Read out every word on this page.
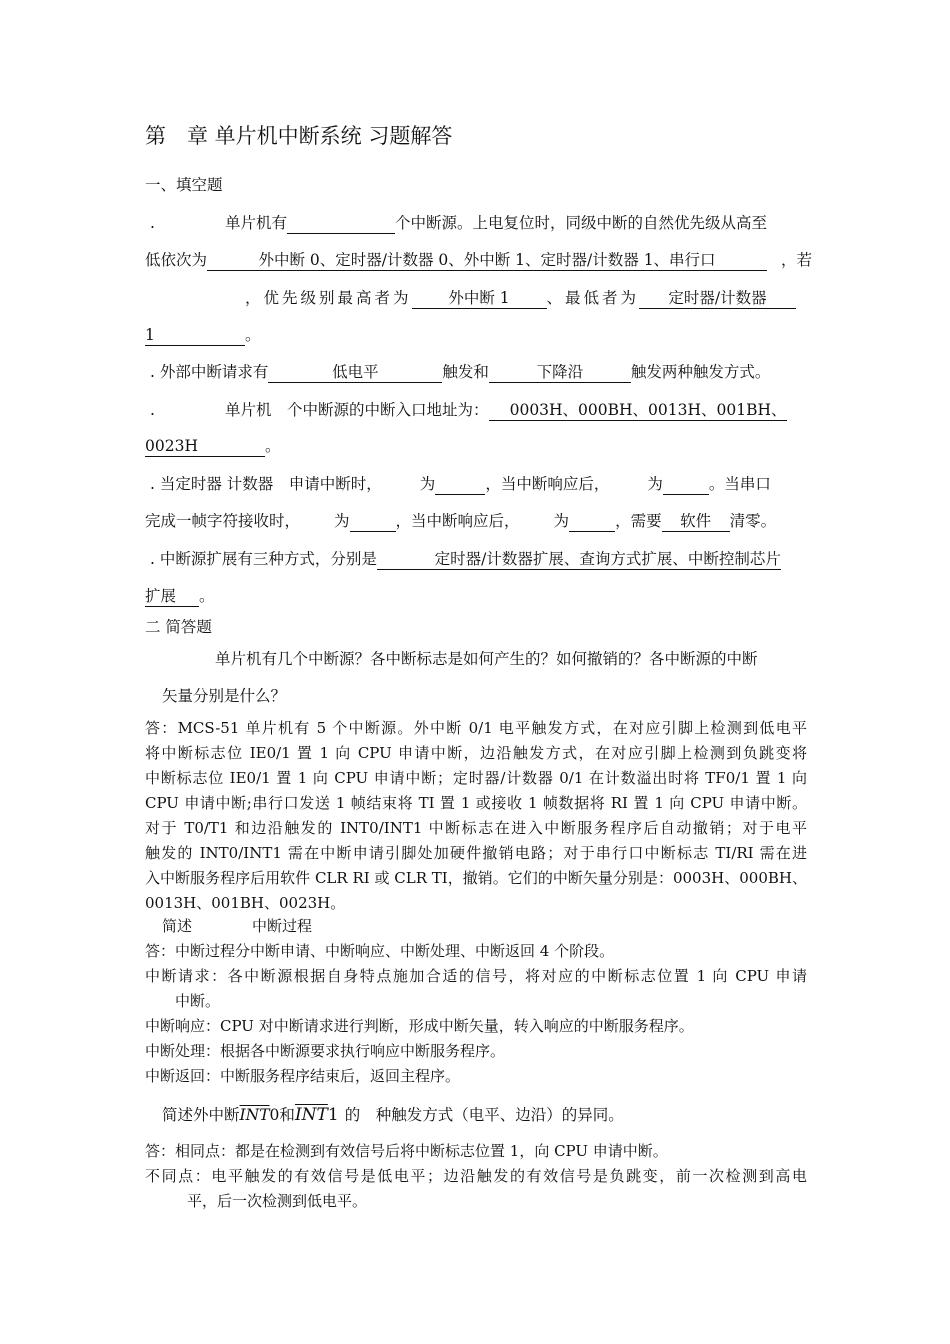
第　章 单片机中断系统 习题解答
一、填空题
.	单片机有	个中断源。上电复位时，同级中断的自然优先级从高至
低依次为	外中断 0、定时器/计数器 0、外中断 1、定时器/计数器 1、串行口	，若
，优先级别最高者为 外中断 1 、最低者为 定时器/计数器
1	。
. 外部中断请求有	低电平	触发和	下降沿	触发两种触发方式。
.	单片机　个中断源的中断入口地址为： 0003H、000BH、0013H、001BH、
0023H	。
. 当定时器 计数器　申请中断时， 为	，当中断响应后， 为	。当串口
完成一帧字符接收时， 为	，当中断响应后， 为	，需要 软件 清零。
. 中断源扩展有三种方式，分别是	定时器/计数器扩展、查询方式扩展、中断控制芯片
扩展 。
二 简答题
单片机有几个中断源？各中断标志是如何产生的？如何撤销的？各中断源的中断
矢量分别是什么？
答：MCS-51 单片机有 5 个中断源。外中断 0/1 电平触发方式，在对应引脚上检测到低电平
将中断标志位 IE0/1 置 1 向 CPU 申请中断，边沿触发方式，在对应引脚上检测到负跳变将
中断标志位 IE0/1 置 1 向 CPU 申请中断；定时器/计数器 0/1 在计数溢出时将 TF0/1 置 1 向
CPU 申请中断;串行口发送 1 帧结束将 TI 置 1 或接收 1 帧数据将 RI 置 1 向 CPU 申请中断。
对于 T0/T1 和边沿触发的 INT0/INT1 中断标志在进入中断服务程序后自动撤销；对于电平
触发的 INT0/INT1 需在中断申请引脚处加硬件撤销电路；对于串行口中断标志 TI/RI 需在进
入中断服务程序后用软件 CLR RI 或 CLR TI，撤销。它们的中断矢量分别是：0003H、000BH、
0013H、001BH、0023H。
简述	中断过程
答：中断过程分中断申请、中断响应、中断处理、中断返回 4 个阶段。
中断请求：各中断源根据自身特点施加合适的信号，将对应的中断标志位置 1 向 CPU 申请
中断。
中断响应：CPU 对中断请求进行判断，形成中断矢量，转入响应的中断服务程序。
中断处理：根据各中断源要求执行响应中断服务程序。
中断返回：中断服务程序结束后，返回主程序。
简述外中断$\overline{INT}0$和$\overline{INT}1$ 的　种触发方式（电平、边沿）的异同。
答：相同点：都是在检测到有效信号后将中断标志位置 1，向 CPU 申请中断。
不同点：电平触发的有效信号是低电平；边沿触发的有效信号是负跳变，前一次检测到高电
平，后一次检测到低电平。
